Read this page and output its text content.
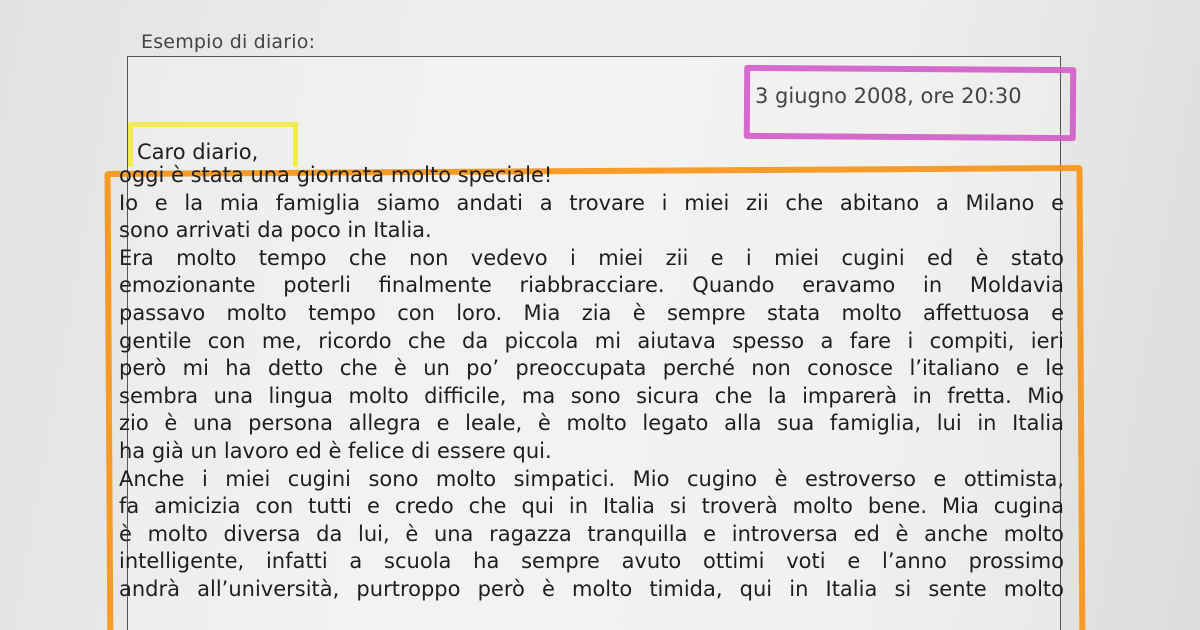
Esempio di diario:
3 giugno 2008, ore 20:30
Caro diario,
oggi è stata una giornata molto speciale!
Io e la mia famiglia siamo andati a trovare i miei zii che abitano a Milano e
sono arrivati da poco in Italia.
Era molto tempo che non vedevo i miei zii e i miei cugini ed è stato
emozionante poterli finalmente riabbracciare. Quando eravamo in Moldavia
passavo molto tempo con loro. Mia zia è sempre stata molto affettuosa e
gentile con me, ricordo che da piccola mi aiutava spesso a fare i compiti, ieri
però mi ha detto che è un po’ preoccupata perché non conosce l’italiano e le
sembra una lingua molto difficile, ma sono sicura che la imparerà in fretta. Mio
zio è una persona allegra e leale, è molto legato alla sua famiglia, lui in Italia
ha già un lavoro ed è felice di essere qui.
Anche i miei cugini sono molto simpatici. Mio cugino è estroverso e ottimista,
fa amicizia con tutti e credo che qui in Italia si troverà molto bene. Mia cugina
è molto diversa da lui, è una ragazza tranquilla e introversa ed è anche molto
intelligente, infatti a scuola ha sempre avuto ottimi voti e l’anno prossimo
andrà all’università, purtroppo però è molto timida, qui in Italia si sente molto
